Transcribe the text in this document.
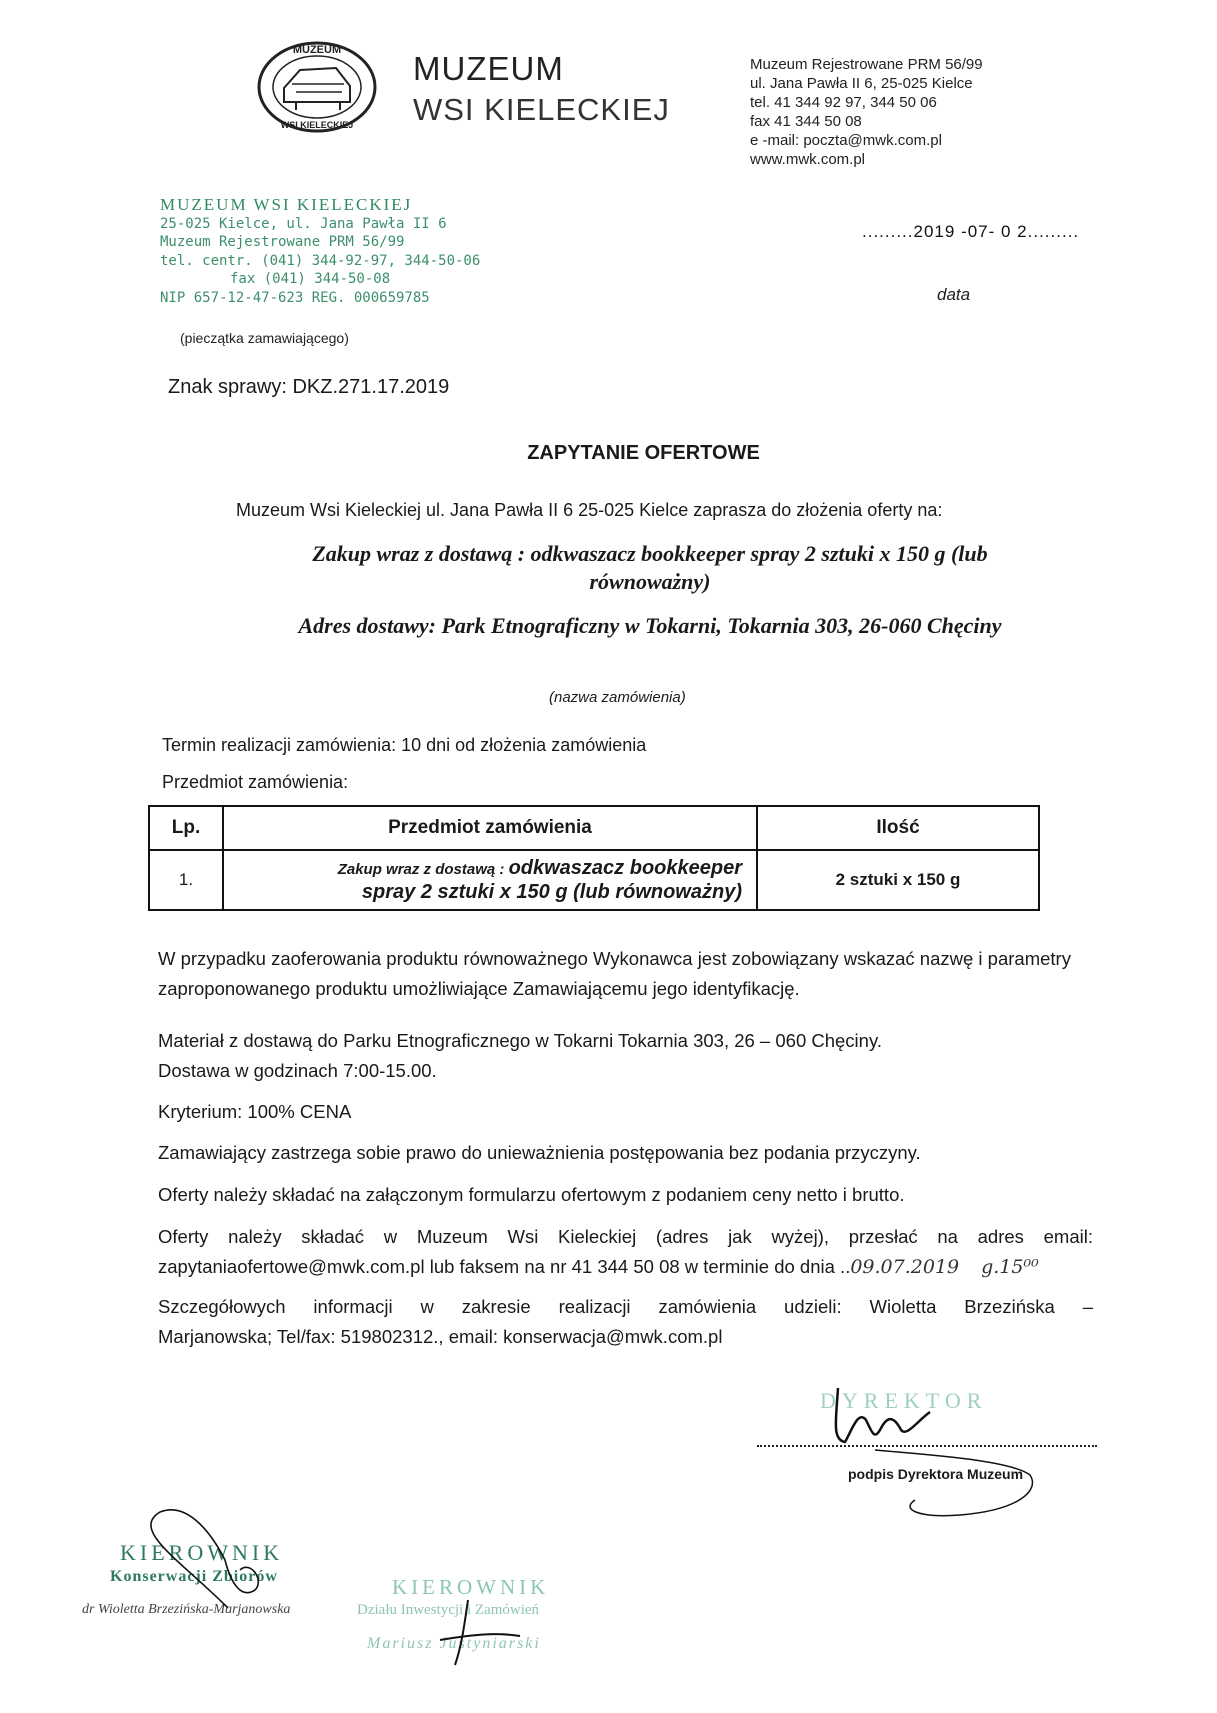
MUZEUM
WSI KIELECKIEJ
MUZEUM
WSI KIELECKIEJ
Muzeum Rejestrowane PRM 56/99
ul. Jana Pawła II 6, 25-025 Kielce
tel. 41 344 92 97, 344 50 06
fax 41 344 50 08
e -mail: poczta@mwk.com.pl
www.mwk.com.pl
MUZEUM WSI KIELECKIEJ
25-025 Kielce, ul. Jana Pawła II 6
Muzeum Rejestrowane PRM 56/99
tel. centr. (041) 344-92-97, 344-50-06
fax (041) 344-50-08
NIP 657-12-47-623 REG. 000659785
(pieczątka zamawiającego)
.........2019 -07- 0 2.........
data
Znak sprawy: DKZ.271.17.2019
ZAPYTANIE OFERTOWE
Muzeum Wsi Kieleckiej ul. Jana Pawła II 6 25-025 Kielce zaprasza do złożenia oferty na:
Zakup wraz z dostawą : odkwaszacz bookkeeper spray 2 sztuki x 150 g (lub
równoważny)
Adres dostawy: Park Etnograficzny w Tokarni, Tokarnia 303, 26-060 Chęciny
(nazwa zamówienia)
Termin realizacji zamówienia: 10 dni od złożenia zamówienia
Przedmiot zamówienia:
Lp.	Przedmiot zamówienia	Ilość
1.	Zakup wraz z dostawą : odkwaszacz bookkeeper
spray 2 sztuki x 150 g (lub równoważny)	2 sztuki x 150 g
W przypadku zaoferowania produktu równoważnego Wykonawca jest zobowiązany wskazać nazwę i parametry zaproponowanego produktu umożliwiające Zamawiającemu jego identyfikację.
Materiał z dostawą do Parku Etnograficznego w Tokarni Tokarnia 303, 26 – 060 Chęciny.
Dostawa w godzinach 7:00-15.00.
Kryterium: 100% CENA
Zamawiający zastrzega sobie prawo do unieważnienia postępowania bez podania przyczyny.
Oferty należy składać na załączonym formularzu ofertowym z podaniem ceny netto i brutto.
Oferty należy składać w Muzeum Wsi Kieleckiej (adres jak wyżej), przesłać na adres email:
zapytaniaofertowe@mwk.com.pl lub faksem na nr 41 344 50 08 w terminie do dnia ..09.07.2019 g.15⁰⁰
Szczegółowych informacji w zakresie realizacji zamówienia udzieli: Wioletta Brzezińska –
Marjanowska; Tel/fax: 519802312., email: konserwacja@mwk.com.pl
DYREKTOR
podpis Dyrektora Muzeum
KIEROWNIK
Konserwacji Zbiorów
dr Wioletta Brzezińska-Marjanowska
KIEROWNIK
Działu Inwestycji i Zamówień
Mariusz Justyniarski
